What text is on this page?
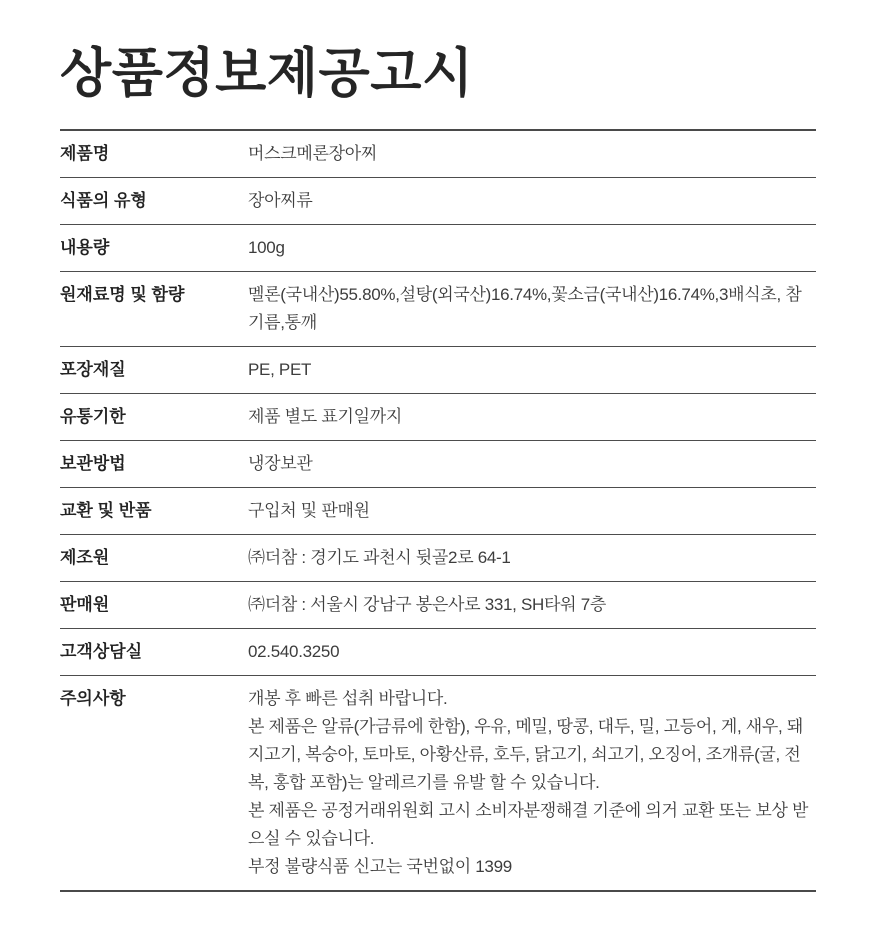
상품정보제공고시
제품명	머스크메론장아찌
식품의 유형	장아찌류
내용량	100g
원재료명 및 함량	멜론(국내산)55.80%,설탕(외국산)16.74%,꽃소금(국내산)16.74%,3배식초, 참기름,통깨
포장재질	PE, PET
유통기한	제품 별도 표기일까지
보관방법	냉장보관
교환 및 반품	구입처 및 판매원
제조원	㈜더참 : 경기도 과천시 뒷골2로 64-1
판매원	㈜더참 : 서울시 강남구 봉은사로 331, SH타워 7층
고객상담실	02.540.3250
주의사항	개봉 후 빠른 섭취 바랍니다.
본 제품은 알류(가금류에 한함), 우유, 메밀, 땅콩, 대두, 밀, 고등어, 게, 새우, 돼지고기, 복숭아, 토마토, 아황산류, 호두, 닭고기, 쇠고기, 오징어, 조개류(굴, 전복, 홍합 포함)는 알레르기를 유발 할 수 있습니다.
본 제품은 공정거래위원회 고시 소비자분쟁해결 기준에 의거 교환 또는 보상 받으실 수 있습니다.
부정 불량식품 신고는 국번없이 1399
